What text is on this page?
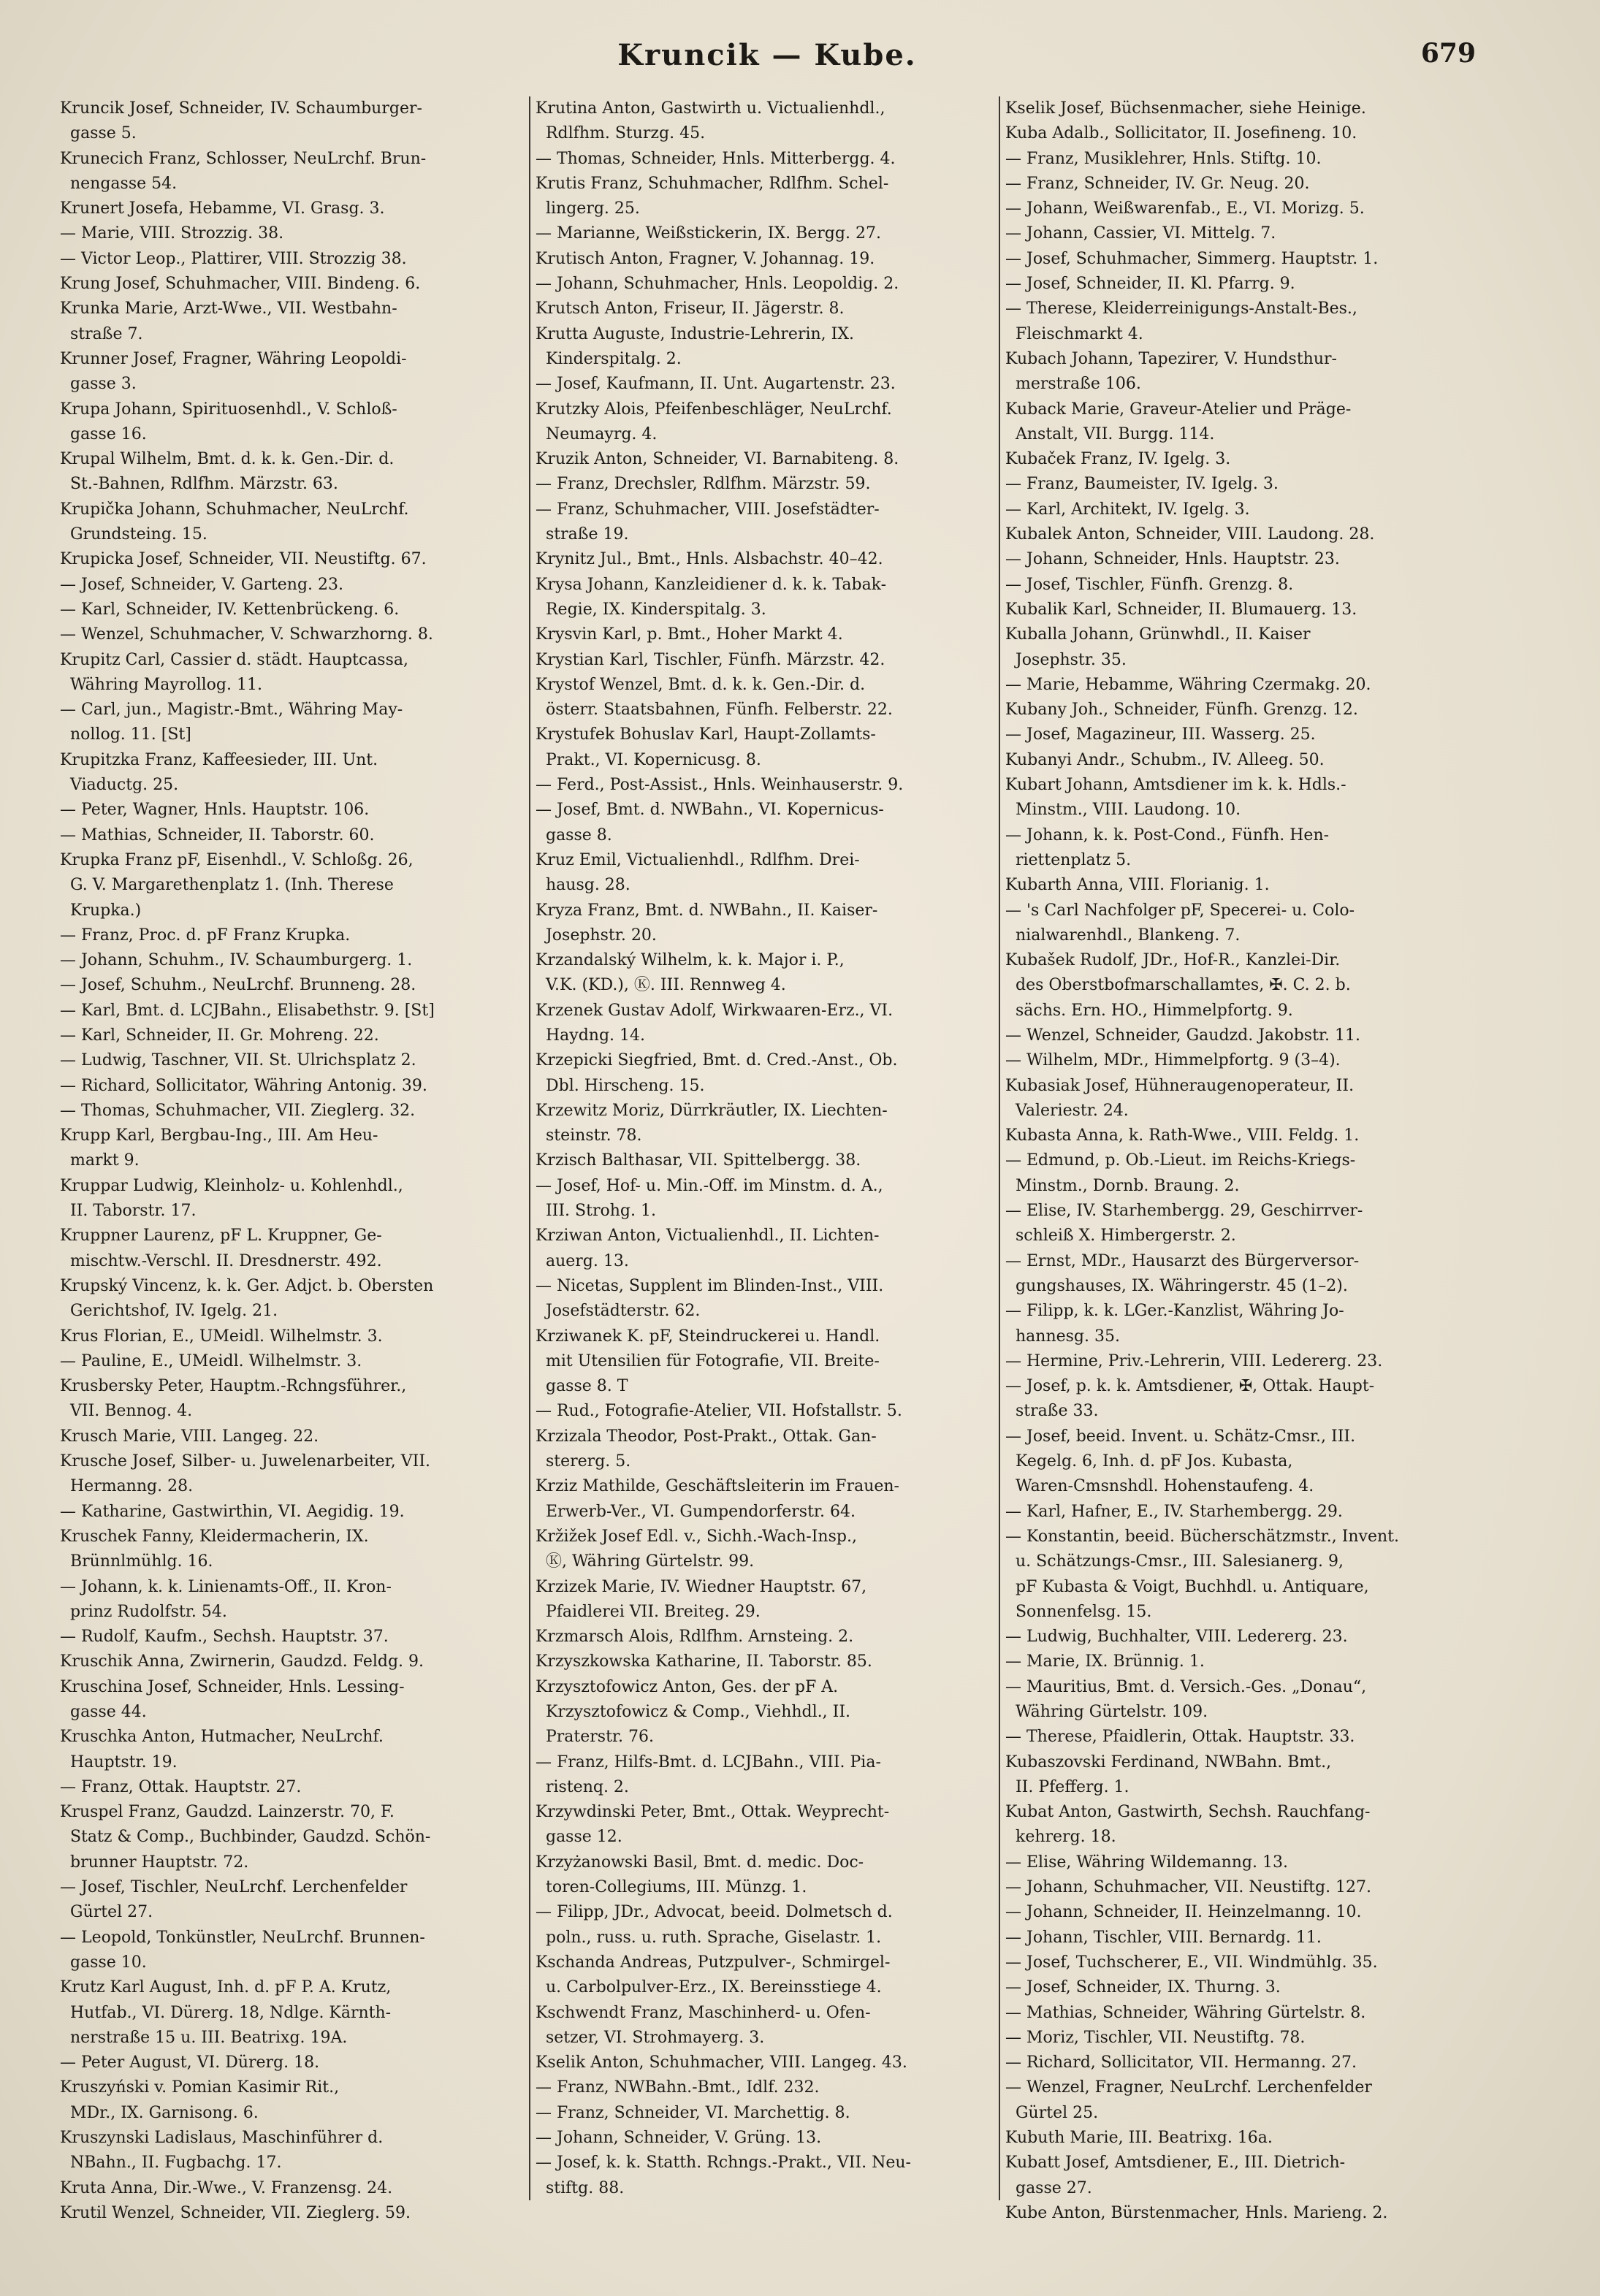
Kruncik — Kube.	679
Kruncik Josef, Schneider, IV. Schaumburger-
gasse 5.
Krunecich Franz, Schlosser, NeuLrchf. Brun-
nengasse 54.
Krunert Josefa, Hebamme, VI. Grasg. 3.
— Marie, VIII. Strozzig. 38.
— Victor Leop., Plattirer, VIII. Strozzig 38.
Krung Josef, Schuhmacher, VIII. Bindeng. 6.
Krunka Marie, Arzt-Wwe., VII. Westbahn-
straße 7.
Krunner Josef, Fragner, Währing Leopoldi-
gasse 3.
Krupa Johann, Spirituosenhdl., V. Schloß-
gasse 16.
Krupal Wilhelm, Bmt. d. k. k. Gen.-Dir. d.
St.-Bahnen, Rdlfhm. Märzstr. 63.
Krupička Johann, Schuhmacher, NeuLrchf.
Grundsteing. 15.
Krupicka Josef, Schneider, VII. Neustiftg. 67.
— Josef, Schneider, V. Garteng. 23.
— Karl, Schneider, IV. Kettenbrückeng. 6.
— Wenzel, Schuhmacher, V. Schwarzhorng. 8.
Krupitz Carl, Cassier d. städt. Hauptcassa,
Währing Mayrollog. 11.
— Carl, jun., Magistr.-Bmt., Währing May-
nollog. 11. [St]
Krupitzka Franz, Kaffeesieder, III. Unt.
Viaductg. 25.
— Peter, Wagner, Hnls. Hauptstr. 106.
— Mathias, Schneider, II. Taborstr. 60.
Krupka Franz pF, Eisenhdl., V. Schloßg. 26,
G. V. Margarethenplatz 1. (Inh. Therese
Krupka.)
— Franz, Proc. d. pF Franz Krupka.
— Johann, Schuhm., IV. Schaumburgerg. 1.
— Josef, Schuhm., NeuLrchf. Brunneng. 28.
— Karl, Bmt. d. LCJBahn., Elisabethstr. 9. [St]
— Karl, Schneider, II. Gr. Mohreng. 22.
— Ludwig, Taschner, VII. St. Ulrichsplatz 2.
— Richard, Sollicitator, Währing Antonig. 39.
— Thomas, Schuhmacher, VII. Zieglerg. 32.
Krupp Karl, Bergbau-Ing., III. Am Heu-
markt 9.
Kruppar Ludwig, Kleinholz- u. Kohlenhdl.,
II. Taborstr. 17.
Kruppner Laurenz, pF L. Kruppner, Ge-
mischtw.-Verschl. II. Dresdnerstr. 492.
Krupský Vincenz, k. k. Ger. Adjct. b. Obersten
Gerichtshof, IV. Igelg. 21.
Krus Florian, E., UMeidl. Wilhelmstr. 3.
— Pauline, E., UMeidl. Wilhelmstr. 3.
Krusbersky Peter, Hauptm.-Rchngsführer.,
VII. Bennog. 4.
Krusch Marie, VIII. Langeg. 22.
Krusche Josef, Silber- u. Juwelenarbeiter, VII.
Hermanng. 28.
— Katharine, Gastwirthin, VI. Aegidig. 19.
Kruschek Fanny, Kleidermacherin, IX.
Brünnlmühlg. 16.
— Johann, k. k. Linienamts-Off., II. Kron-
prinz Rudolfstr. 54.
— Rudolf, Kaufm., Sechsh. Hauptstr. 37.
Kruschik Anna, Zwirnerin, Gaudzd. Feldg. 9.
Kruschina Josef, Schneider, Hnls. Lessing-
gasse 44.
Kruschka Anton, Hutmacher, NeuLrchf.
Hauptstr. 19.
— Franz, Ottak. Hauptstr. 27.
Kruspel Franz, Gaudzd. Lainzerstr. 70, F.
Statz & Comp., Buchbinder, Gaudzd. Schön-
brunner Hauptstr. 72.
— Josef, Tischler, NeuLrchf. Lerchenfelder
Gürtel 27.
— Leopold, Tonkünstler, NeuLrchf. Brunnen-
gasse 10.
Krutz Karl August, Inh. d. pF P. A. Krutz,
Hutfab., VI. Dürerg. 18, Ndlge. Kärnth-
nerstraße 15 u. III. Beatrixg. 19A.
— Peter August, VI. Dürerg. 18.
Kruszyński v. Pomian Kasimir Rit.,
MDr., IX. Garnisong. 6.
Kruszynski Ladislaus, Maschinführer d.
NBahn., II. Fugbachg. 17.
Kruta Anna, Dir.-Wwe., V. Franzensg. 24.
Krutil Wenzel, Schneider, VII. Zieglerg. 59.
Krutina Anton, Gastwirth u. Victualienhdl.,
Rdlfhm. Sturzg. 45.
— Thomas, Schneider, Hnls. Mitterbergg. 4.
Krutis Franz, Schuhmacher, Rdlfhm. Schel-
lingerg. 25.
— Marianne, Weißstickerin, IX. Bergg. 27.
Krutisch Anton, Fragner, V. Johannag. 19.
— Johann, Schuhmacher, Hnls. Leopoldig. 2.
Krutsch Anton, Friseur, II. Jägerstr. 8.
Krutta Auguste, Industrie-Lehrerin, IX.
Kinderspitalg. 2.
— Josef, Kaufmann, II. Unt. Augartenstr. 23.
Krutzky Alois, Pfeifenbeschläger, NeuLrchf.
Neumayrg. 4.
Kruzik Anton, Schneider, VI. Barnabiteng. 8.
— Franz, Drechsler, Rdlfhm. Märzstr. 59.
— Franz, Schuhmacher, VIII. Josefstädter-
straße 19.
Krynitz Jul., Bmt., Hnls. Alsbachstr. 40–42.
Krysa Johann, Kanzleidiener d. k. k. Tabak-
Regie, IX. Kinderspitalg. 3.
Krysvin Karl, p. Bmt., Hoher Markt 4.
Krystian Karl, Tischler, Fünfh. Märzstr. 42.
Krystof Wenzel, Bmt. d. k. k. Gen.-Dir. d.
österr. Staatsbahnen, Fünfh. Felberstr. 22.
Krystufek Bohuslav Karl, Haupt-Zollamts-
Prakt., VI. Kopernicusg. 8.
— Ferd., Post-Assist., Hnls. Weinhauserstr. 9.
— Josef, Bmt. d. NWBahn., VI. Kopernicus-
gasse 8.
Kruz Emil, Victualienhdl., Rdlfhm. Drei-
hausg. 28.
Kryza Franz, Bmt. d. NWBahn., II. Kaiser-
Josephstr. 20.
Krzandalský Wilhelm, k. k. Major i. P.,
V.K. (KD.), Ⓚ. III. Rennweg 4.
Krzenek Gustav Adolf, Wirkwaaren-Erz., VI.
Haydng. 14.
Krzepicki Siegfried, Bmt. d. Cred.-Anst., Ob.
Dbl. Hirscheng. 15.
Krzewitz Moriz, Dürrkräutler, IX. Liechten-
steinstr. 78.
Krzisch Balthasar, VII. Spittelbergg. 38.
— Josef, Hof- u. Min.-Off. im Minstm. d. A.,
III. Strohg. 1.
Krziwan Anton, Victualienhdl., II. Lichten-
auerg. 13.
— Nicetas, Supplent im Blinden-Inst., VIII.
Josefstädterstr. 62.
Krziwanek K. pF, Steindruckerei u. Handl.
mit Utensilien für Fotografie, VII. Breite-
gasse 8. T
— Rud., Fotografie-Atelier, VII. Hofstallstr. 5.
Krzizala Theodor, Post-Prakt., Ottak. Gan-
stererg. 5.
Krziz Mathilde, Geschäftsleiterin im Frauen-
Erwerb-Ver., VI. Gumpendorferstr. 64.
Kržižek Josef Edl. v., Sichh.-Wach-Insp.,
Ⓚ, Währing Gürtelstr. 99.
Krzizek Marie, IV. Wiedner Hauptstr. 67,
Pfaidlerei VII. Breiteg. 29.
Krzmarsch Alois, Rdlfhm. Arnsteing. 2.
Krzyszkowska Katharine, II. Taborstr. 85.
Krzysztofowicz Anton, Ges. der pF A.
Krzysztofowicz & Comp., Viehhdl., II.
Praterstr. 76.
— Franz, Hilfs-Bmt. d. LCJBahn., VIII. Pia-
ristenq. 2.
Krzywdinski Peter, Bmt., Ottak. Weyprecht-
gasse 12.
Krzyżanowski Basil, Bmt. d. medic. Doc-
toren-Collegiums, III. Münzg. 1.
— Filipp, JDr., Advocat, beeid. Dolmetsch d.
poln., russ. u. ruth. Sprache, Giselastr. 1.
Kschanda Andreas, Putzpulver-, Schmirgel-
u. Carbolpulver-Erz., IX. Bereinsstiege 4.
Kschwendt Franz, Maschinherd- u. Ofen-
setzer, VI. Strohmayerg. 3.
Kselik Anton, Schuhmacher, VIII. Langeg. 43.
— Franz, NWBahn.-Bmt., Idlf. 232.
— Franz, Schneider, VI. Marchettig. 8.
— Johann, Schneider, V. Grüng. 13.
— Josef, k. k. Statth. Rchngs.-Prakt., VII. Neu-
stiftg. 88.
Kselik Josef, Büchsenmacher, siehe Heinige.
Kuba Adalb., Sollicitator, II. Josefineng. 10.
— Franz, Musiklehrer, Hnls. Stiftg. 10.
— Franz, Schneider, IV. Gr. Neug. 20.
— Johann, Weißwarenfab., E., VI. Morizg. 5.
— Johann, Cassier, VI. Mittelg. 7.
— Josef, Schuhmacher, Simmerg. Hauptstr. 1.
— Josef, Schneider, II. Kl. Pfarrg. 9.
— Therese, Kleiderreinigungs-Anstalt-Bes.,
Fleischmarkt 4.
Kubach Johann, Tapezirer, V. Hundsthur-
merstraße 106.
Kuback Marie, Graveur-Atelier und Präge-
Anstalt, VII. Burgg. 114.
Kubaček Franz, IV. Igelg. 3.
— Franz, Baumeister, IV. Igelg. 3.
— Karl, Architekt, IV. Igelg. 3.
Kubalek Anton, Schneider, VIII. Laudong. 28.
— Johann, Schneider, Hnls. Hauptstr. 23.
— Josef, Tischler, Fünfh. Grenzg. 8.
Kubalik Karl, Schneider, II. Blumauerg. 13.
Kuballa Johann, Grünwhdl., II. Kaiser
Josephstr. 35.
— Marie, Hebamme, Währing Czermakg. 20.
Kubany Joh., Schneider, Fünfh. Grenzg. 12.
— Josef, Magazineur, III. Wasserg. 25.
Kubanyi Andr., Schubm., IV. Alleeg. 50.
Kubart Johann, Amtsdiener im k. k. Hdls.-
Minstm., VIII. Laudong. 10.
— Johann, k. k. Post-Cond., Fünfh. Hen-
riettenplatz 5.
Kubarth Anna, VIII. Florianig. 1.
— 's Carl Nachfolger pF, Specerei- u. Colo-
nialwarenhdl., Blankeng. 7.
Kubašek Rudolf, JDr., Hof-R., Kanzlei-Dir.
des Oberstbofmarschallamtes, ✠. C. 2. b.
sächs. Ern. HO., Himmelpfortg. 9.
— Wenzel, Schneider, Gaudzd. Jakobstr. 11.
— Wilhelm, MDr., Himmelpfortg. 9 (3–4).
Kubasiak Josef, Hühneraugenoperateur, II.
Valeriestr. 24.
Kubasta Anna, k. Rath-Wwe., VIII. Feldg. 1.
— Edmund, p. Ob.-Lieut. im Reichs-Kriegs-
Minstm., Dornb. Braung. 2.
— Elise, IV. Starhembergg. 29, Geschirrver-
schleiß X. Himbergerstr. 2.
— Ernst, MDr., Hausarzt des Bürgerversor-
gungshauses, IX. Währingerstr. 45 (1–2).
— Filipp, k. k. LGer.-Kanzlist, Währing Jo-
hannesg. 35.
— Hermine, Priv.-Lehrerin, VIII. Ledererg. 23.
— Josef, p. k. k. Amtsdiener, ✠, Ottak. Haupt-
straße 33.
— Josef, beeid. Invent. u. Schätz-Cmsr., III.
Kegelg. 6, Inh. d. pF Jos. Kubasta,
Waren-Cmsnshdl. Hohenstaufeng. 4.
— Karl, Hafner, E., IV. Starhembergg. 29.
— Konstantin, beeid. Bücherschätzmstr., Invent.
u. Schätzungs-Cmsr., III. Salesianerg. 9,
pF Kubasta & Voigt, Buchhdl. u. Antiquare,
Sonnenfelsg. 15.
— Ludwig, Buchhalter, VIII. Ledererg. 23.
— Marie, IX. Brünnig. 1.
— Mauritius, Bmt. d. Versich.-Ges. „Donau“,
Währing Gürtelstr. 109.
— Therese, Pfaidlerin, Ottak. Hauptstr. 33.
Kubaszovski Ferdinand, NWBahn. Bmt.,
II. Pfefferg. 1.
Kubat Anton, Gastwirth, Sechsh. Rauchfang-
kehrerg. 18.
— Elise, Währing Wildemanng. 13.
— Johann, Schuhmacher, VII. Neustiftg. 127.
— Johann, Schneider, II. Heinzelmanng. 10.
— Johann, Tischler, VIII. Bernardg. 11.
— Josef, Tuchscherer, E., VII. Windmühlg. 35.
— Josef, Schneider, IX. Thurng. 3.
— Mathias, Schneider, Währing Gürtelstr. 8.
— Moriz, Tischler, VII. Neustiftg. 78.
— Richard, Sollicitator, VII. Hermanng. 27.
— Wenzel, Fragner, NeuLrchf. Lerchenfelder
Gürtel 25.
Kubuth Marie, III. Beatrixg. 16a.
Kubatt Josef, Amtsdiener, E., III. Dietrich-
gasse 27.
Kube Anton, Bürstenmacher, Hnls. Marieng. 2.
